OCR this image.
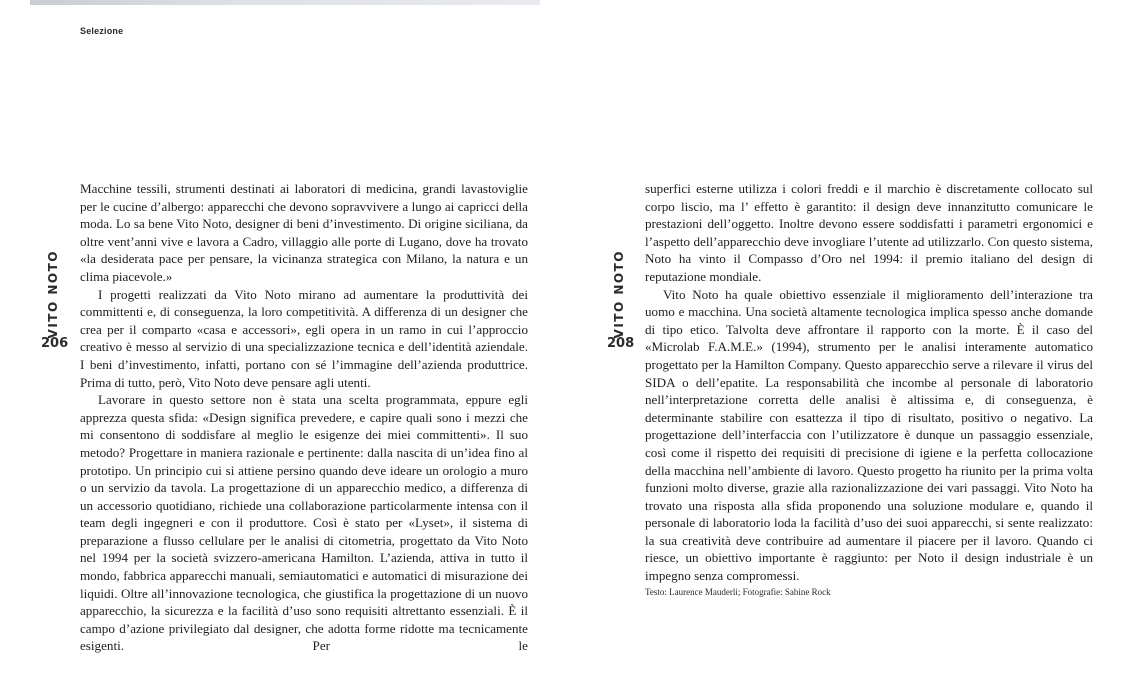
Selezione
VITO NOTO
206

Macchine tessili, strumenti destinati ai laboratori di medicina, grandi lavastoviglie per le cucine d’albergo: apparecchi che devono sopravvivere a lungo ai capricci della moda. Lo sa bene Vito Noto, designer di beni d’investimento. Di origine siciliana, da oltre vent’anni vive e lavora a Cadro, villaggio alle porte di Lugano, dove ha trovato «la desiderata pace per pensare, la vicinanza strategica con Milano, la natura e un clima piacevole.»

I progetti realizzati da Vito Noto mirano ad aumentare la produttività dei committenti e, di conseguenza, la loro competitività. A differenza di un designer che crea per il comparto «casa e accessori», egli opera in un ramo in cui l’approccio creativo è messo al servizio di una specializzazione tecnica e dell’identità aziendale. I beni d’investimento, infatti, portano con sé l’immagine dell’azienda produttrice. Prima di tutto, però, Vito Noto deve pensare agli utenti.

Lavorare in questo settore non è stata una scelta programmata, eppure egli apprezza questa sfida: «Design significa prevedere, e capire quali sono i mezzi che mi consentono di soddisfare al meglio le esigenze dei miei committenti». Il suo metodo? Progettare in maniera razionale e pertinente: dalla nascita di un’idea fino al prototipo. Un principio cui si attiene persino quando deve ideare un orologio a muro o un servizio da tavola. La progettazione di un apparecchio medico, a differenza di un accessorio quotidiano, richiede una collaborazione particolarmente intensa con il team degli ingegneri e con il produttore. Così è stato per «Lyset», il sistema di preparazione a flusso cellulare per le analisi di citometria, progettato da Vito Noto nel 1994 per la società svizzero-americana Hamilton. L’azienda, attiva in tutto il mondo, fabbrica apparecchi manuali, semiautomatici e automatici di misurazione dei liquidi. Oltre all’innovazione tecnologica, che giustifica la progettazione di un nuovo apparecchio, la sicurezza e la facilità d’uso sono requisiti altrettanto essenziali. È il campo d’azione privilegiato dal designer, che adotta forme ridotte ma tecnicamente esigenti. Per le

VITO NOTO
208

superfici esterne utilizza i colori freddi e il marchio è discretamente collocato sul corpo liscio, ma l’ effetto è garantito: il design deve innanzitutto comunicare le prestazioni dell’oggetto. Inoltre devono essere soddisfatti i parametri ergonomici e l’aspetto dell’apparecchio deve invogliare l’utente ad utilizzarlo. Con questo sistema, Noto ha vinto il Compasso d’Oro nel 1994: il premio italiano del design di reputazione mondiale.

Vito Noto ha quale obiettivo essenziale il miglioramento dell’interazione tra uomo e macchina. Una società altamente tecnologica implica spesso anche domande di tipo etico. Talvolta deve affrontare il rapporto con la morte. È il caso del «Microlab F.A.M.E.» (1994), strumento per le analisi interamente automatico progettato per la Hamilton Company. Questo apparecchio serve a rilevare il virus del SIDA o dell’epatite. La responsabilità che incombe al personale di laboratorio nell’interpretazione corretta delle analisi è altissima e, di conseguenza, è determinante stabilire con esattezza il tipo di risultato, positivo o negativo. La progettazione dell’interfaccia con l’utilizzatore è dunque un passaggio essenziale, così come il rispetto dei requisiti di precisione di igiene e la perfetta collocazione della macchina nell’ambiente di lavoro. Questo progetto ha riunito per la prima volta funzioni molto diverse, grazie alla razionalizzazione dei vari passaggi. Vito Noto ha trovato una risposta alla sfida proponendo una soluzione modulare e, quando il personale di laboratorio loda la facilità d’uso dei suoi apparecchi, si sente realizzato: la sua creatività deve contribuire ad aumentare il piacere per il lavoro. Quando ci riesce, un obiettivo importante è raggiunto: per Noto il design industriale è un impegno senza compromessi.

Testo: Laurence Mauderli; Fotografie: Sabine Rock
